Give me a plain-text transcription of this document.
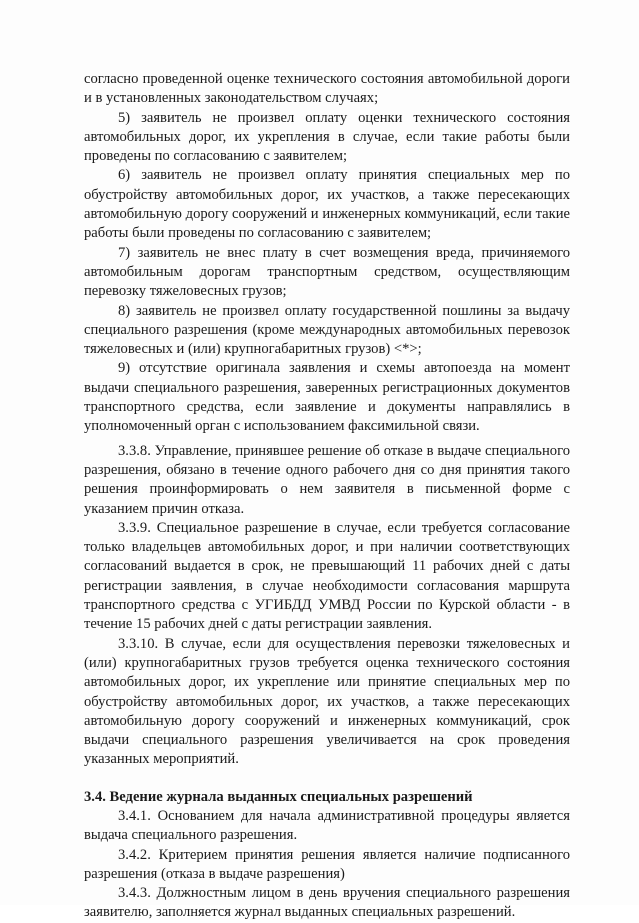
согласно проведенной оценке технического состояния автомобильной дороги и в установленных законодательством случаях;

5) заявитель не произвел оплату оценки технического состояния автомобильных дорог, их укрепления в случае, если такие работы были проведены по согласованию с заявителем;

6) заявитель не произвел оплату принятия специальных мер по обустройству автомобильных дорог, их участков, а также пересекающих автомобильную дорогу сооружений и инженерных коммуникаций, если такие работы были проведены по согласованию с заявителем;

7) заявитель не внес плату в счет возмещения вреда, причиняемого автомобильным дорогам транспортным средством, осуществляющим перевозку тяжеловесных грузов;

8) заявитель не произвел оплату государственной пошлины за выдачу специального разрешения (кроме международных автомобильных перевозок тяжеловесных и (или) крупногабаритных грузов) <*>;

9) отсутствие оригинала заявления и схемы автопоезда на момент выдачи специального разрешения, заверенных регистрационных документов транспортного средства, если заявление и документы направлялись в уполномоченный орган с использованием факсимильной связи.

3.3.8. Управление, принявшее решение об отказе в выдаче специального разрешения, обязано в течение одного рабочего дня со дня принятия такого решения проинформировать о нем заявителя в письменной форме с указанием причин отказа.

3.3.9. Специальное разрешение в случае, если требуется согласование только владельцев автомобильных дорог, и при наличии соответствующих согласований выдается в срок, не превышающий 11 рабочих дней с даты регистрации заявления, в случае необходимости согласования маршрута транспортного средства с УГИБДД УМВД России по Курской области - в течение 15 рабочих дней с даты регистрации заявления.

3.3.10. В случае, если для осуществления перевозки тяжеловесных и (или) крупногабаритных грузов требуется оценка технического состояния автомобильных дорог, их укрепление или принятие специальных мер по обустройству автомобильных дорог, их участков, а также пересекающих автомобильную дорогу сооружений и инженерных коммуникаций, срок выдачи специального разрешения увеличивается на срок проведения указанных мероприятий.

3.4. Ведение журнала выданных специальных разрешений

3.4.1. Основанием для начала административной процедуры является выдача специального разрешения.

3.4.2. Критерием принятия решения является наличие подписанного разрешения (отказа в выдаче разрешения)

3.4.3. Должностным лицом в день вручения специального разрешения заявителю, заполняется журнал выданных специальных разрешений.
